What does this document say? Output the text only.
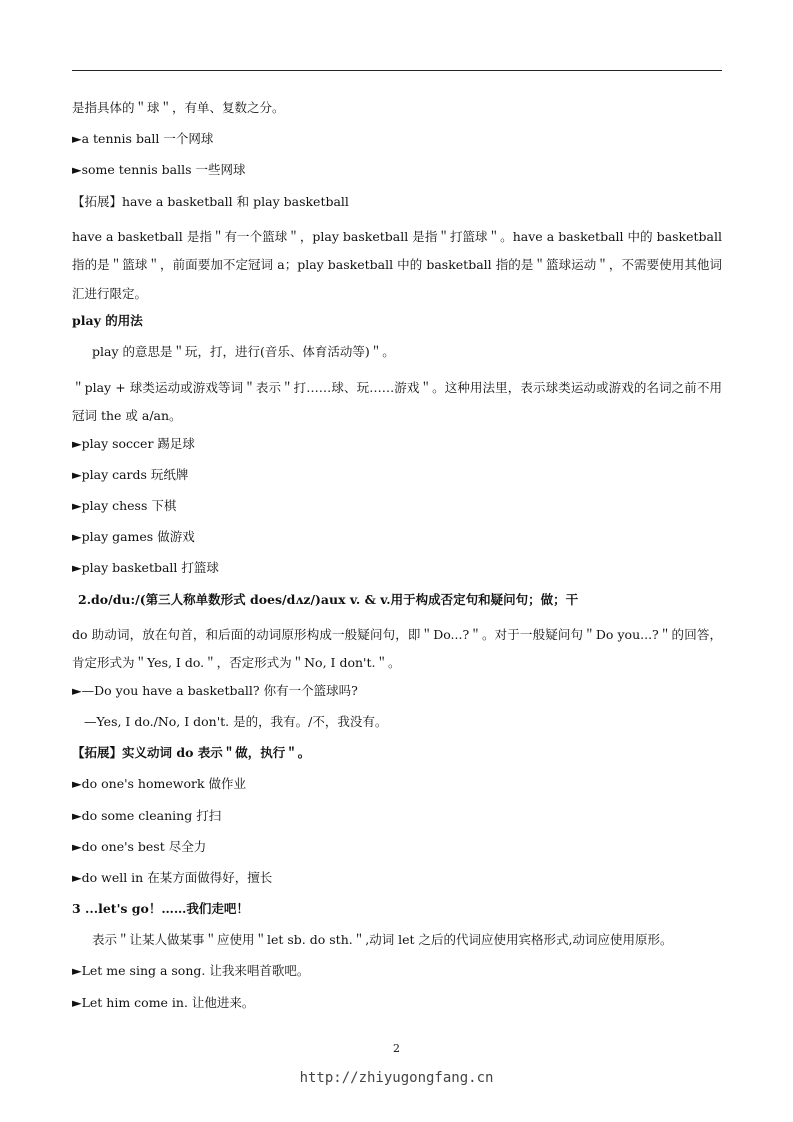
是指具体的＂球＂，有单、复数之分。
►a tennis ball 一个网球
►some tennis balls 一些网球
【拓展】have a basketball 和 play basketball
have a basketball 是指＂有一个篮球＂，play basketball 是指＂打篮球＂。have a basketball 中的 basketball 指的是＂篮球＂，前面要加不定冠词 a；play basketball 中的 basketball 指的是＂篮球运动＂，不需要使用其他词汇进行限定。
play 的用法
play 的意思是＂玩，打，进行(音乐、体育活动等)＂。
＂play + 球类运动或游戏等词＂表示＂打……球、玩……游戏＂。这种用法里，表示球类运动或游戏的名词之前不用冠词 the 或 a/an。
►play soccer 踢足球
►play cards 玩纸牌
►play chess 下棋
►play games 做游戏
►play basketball 打篮球
2.do/du:/(第三人称单数形式 does/dʌz/)aux v. & v.用于构成否定句和疑问句；做；干
do 助动词，放在句首，和后面的动词原形构成一般疑问句，即＂Do...?＂。对于一般疑问句＂Do you...?＂的回答，肯定形式为＂Yes, I do.＂，否定形式为＂No, I don't.＂。
►—Do you have a basketball? 你有一个篮球吗?
—Yes, I do./No, I don't. 是的，我有。/不，我没有。
【拓展】实义动词 do 表示＂做，执行＂。
►do one's homework 做作业
►do some cleaning 打扫
►do one's best 尽全力
►do well in 在某方面做得好，擅长
3 ...let's go！……我们走吧！
表示＂让某人做某事＂应使用＂let sb. do sth.＂,动词 let 之后的代词应使用宾格形式,动词应使用原形。
►Let me sing a song. 让我来唱首歌吧。
►Let him come in. 让他进来。
2
http://zhiyugongfang.cn
